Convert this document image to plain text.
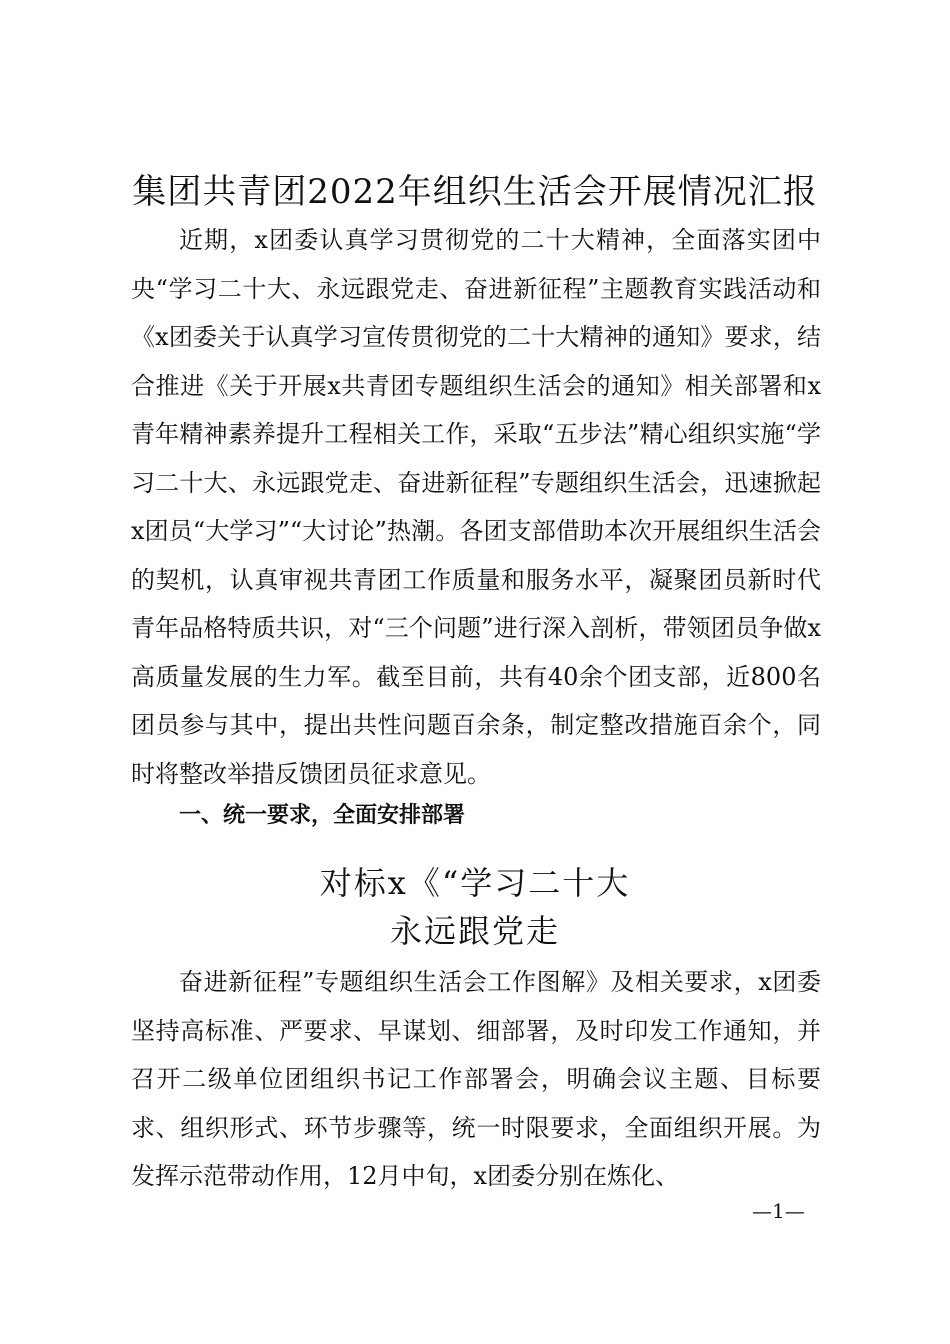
集团共青团2022年组织生活会开展情况汇报

近期，x团委认真学习贯彻党的二十大精神，全面落实团中央“学习二十大、永远跟党走、奋进新征程”主题教育实践活动和《x团委关于认真学习宣传贯彻党的二十大精神的通知》要求，结合推进《关于开展x共青团专题组织生活会的通知》相关部署和x青年精神素养提升工程相关工作，采取“五步法”精心组织实施“学习二十大、永远跟党走、奋进新征程”专题组织生活会，迅速掀起x团员“大学习”“大讨论”热潮。各团支部借助本次开展组织生活会的契机，认真审视共青团工作质量和服务水平，凝聚团员新时代青年品格特质共识，对“三个问题”进行深入剖析，带领团员争做x高质量发展的生力军。截至目前，共有40余个团支部，近800名团员参与其中，提出共性问题百余条，制定整改措施百余个，同时将整改举措反馈团员征求意见。

一、统一要求，全面安排部署
对标x《“学习二十大
永远跟党走

奋进新征程”专题组织生活会工作图解》及相关要求，x团委坚持高标准、严要求、早谋划、细部署，及时印发工作通知，并召开二级单位团组织书记工作部署会，明确会议主题、目标要求、组织形式、环节步骤等，统一时限要求，全面组织开展。为发挥示范带动作用，12月中旬，x团委分别在炼化、

—1—
